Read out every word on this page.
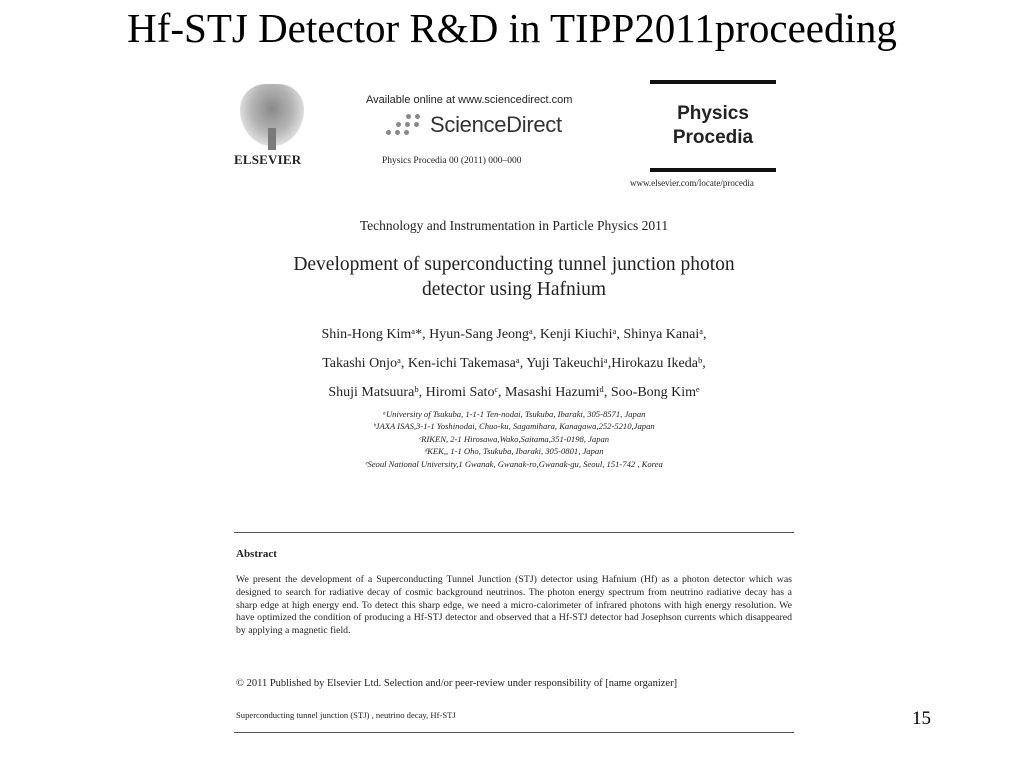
Hf-STJ Detector R&D in TIPP2011proceeding
ELSEVIER
Available online at www.sciencedirect.com
ScienceDirect
Physics Procedia 00 (2011) 000–000
Physics
Procedia
www.elsevier.com/locate/procedia
Technology and Instrumentation in Particle Physics 2011
Development of superconducting tunnel junction photon
detector using Hafnium
Shin-Hong Kimᵃ*, Hyun-Sang Jeongᵃ, Kenji Kiuchiᵃ, Shinya Kanaiᵃ,
Takashi Onjoᵃ, Ken-ichi Takemasaᵃ, Yuji Takeuchiᵃ,Hirokazu Ikedaᵇ,
Shuji Matsuuraᵇ, Hiromi Satoᶜ, Masashi Hazumiᵈ, Soo-Bong Kimᵉ
ᵃUniversity of Tsukuba, 1-1-1 Ten-nodai, Tsukuba, Ibaraki, 305-8571, Japan
ᵇJAXA ISAS,3-1-1 Yoshinodai, Chuo-ku, Sagamihara, Kanagawa,252-5210,Japan
ᶜRIKEN, 2-1 Hirosawa,Wako,Saitama,351-0198, Japan
ᵈKEK,, 1-1 Oho, Tsukuba, Ibaraki, 305-0801, Japan
ᵉSeoul National University,1 Gwanak, Gwanak-ro,Gwanak-gu, Seoul, 151-742 , Korea
Abstract
We present the development of a Superconducting Tunnel Junction (STJ) detector using Hafnium (Hf) as a photon detector which was designed to search for radiative decay of cosmic background neutrinos. The photon energy spectrum from neutrino radiative decay has a sharp edge at high energy end. To detect this sharp edge, we need a micro-calorimeter of infrared photons with high energy resolution. We have optimized the condition of producing a Hf-STJ detector and observed that a Hf-STJ detector had Josephson currents which disappeared by applying a magnetic field.
© 2011 Published by Elsevier Ltd. Selection and/or peer-review under responsibility of [name organizer]
Superconducting tunnel junction (STJ) , neutrino decay, Hf-STJ	15
